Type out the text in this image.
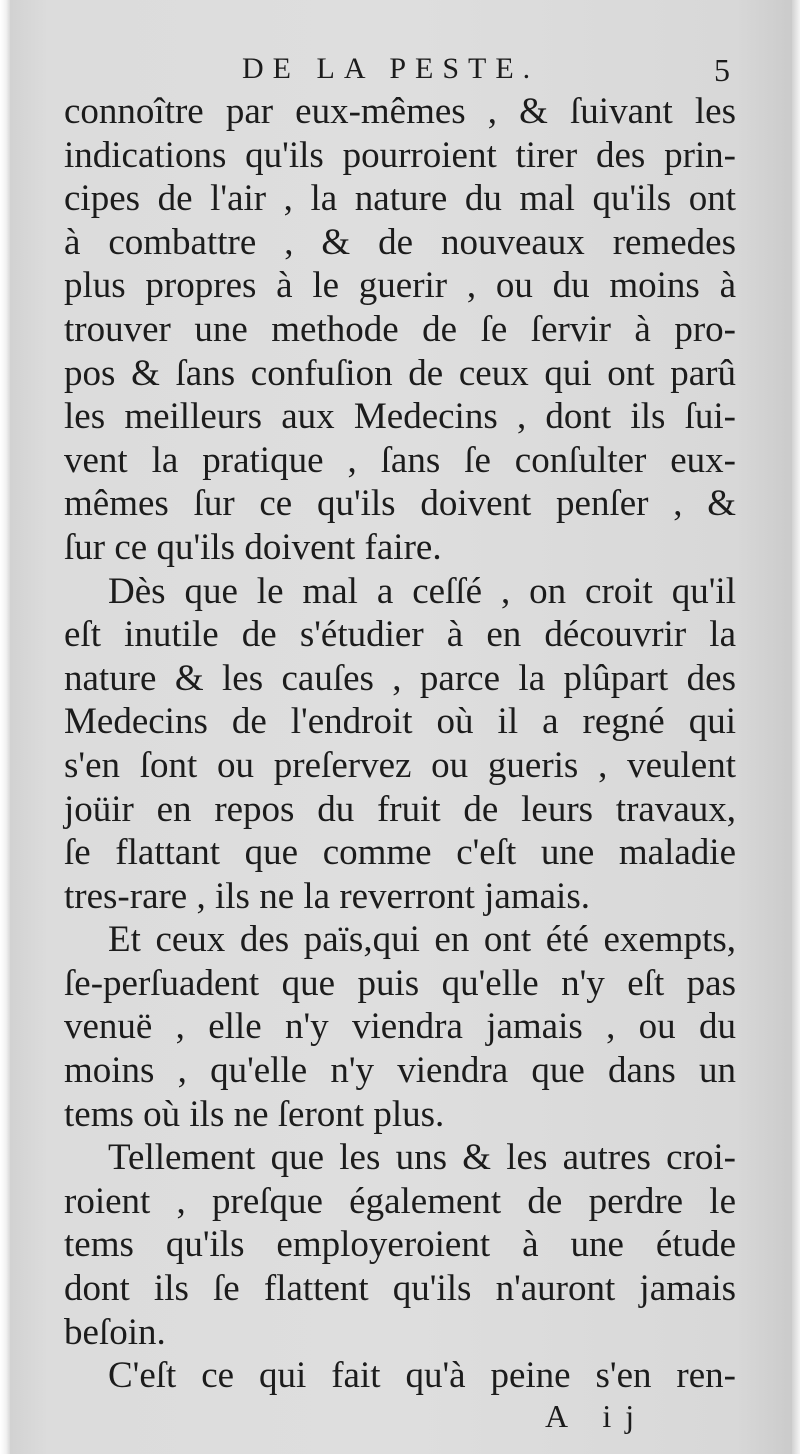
DE LA PESTE.	5
connoître par eux-mêmes , & ſuivant les
indications qu'ils pourroient tirer des prin-
cipes de l'air , la nature du mal qu'ils ont
à combattre , & de nouveaux remedes
plus propres à le guerir , ou du moins à
trouver une methode de ſe ſervir à pro-
pos & ſans confuſion de ceux qui ont parû
les meilleurs aux Medecins , dont ils ſui-
vent la pratique , ſans ſe conſulter eux-
mêmes ſur ce qu'ils doivent penſer , &
ſur ce qu'ils doivent faire.
Dès que le mal a ceſſé , on croit qu'il
eſt inutile de s'étudier à en découvrir la
nature & les cauſes , parce la plûpart des
Medecins de l'endroit où il a regné qui
s'en ſont ou preſervez ou gueris , veulent
joüir en repos du fruit de leurs travaux,
ſe flattant que comme c'eſt une maladie
tres-rare , ils ne la reverront jamais.
Et ceux des païs,qui en ont été exempts,
ſe-perſuadent que puis qu'elle n'y eſt pas
venuë , elle n'y viendra jamais , ou du
moins , qu'elle n'y viendra que dans un
tems où ils ne ſeront plus.
Tellement que les uns & les autres croi-
roient , preſque également de perdre le
tems qu'ils employeroient à une étude
dont ils ſe flattent qu'ils n'auront jamais
beſoin.
C'eſt ce qui fait qu'à peine s'en ren-
A ij
